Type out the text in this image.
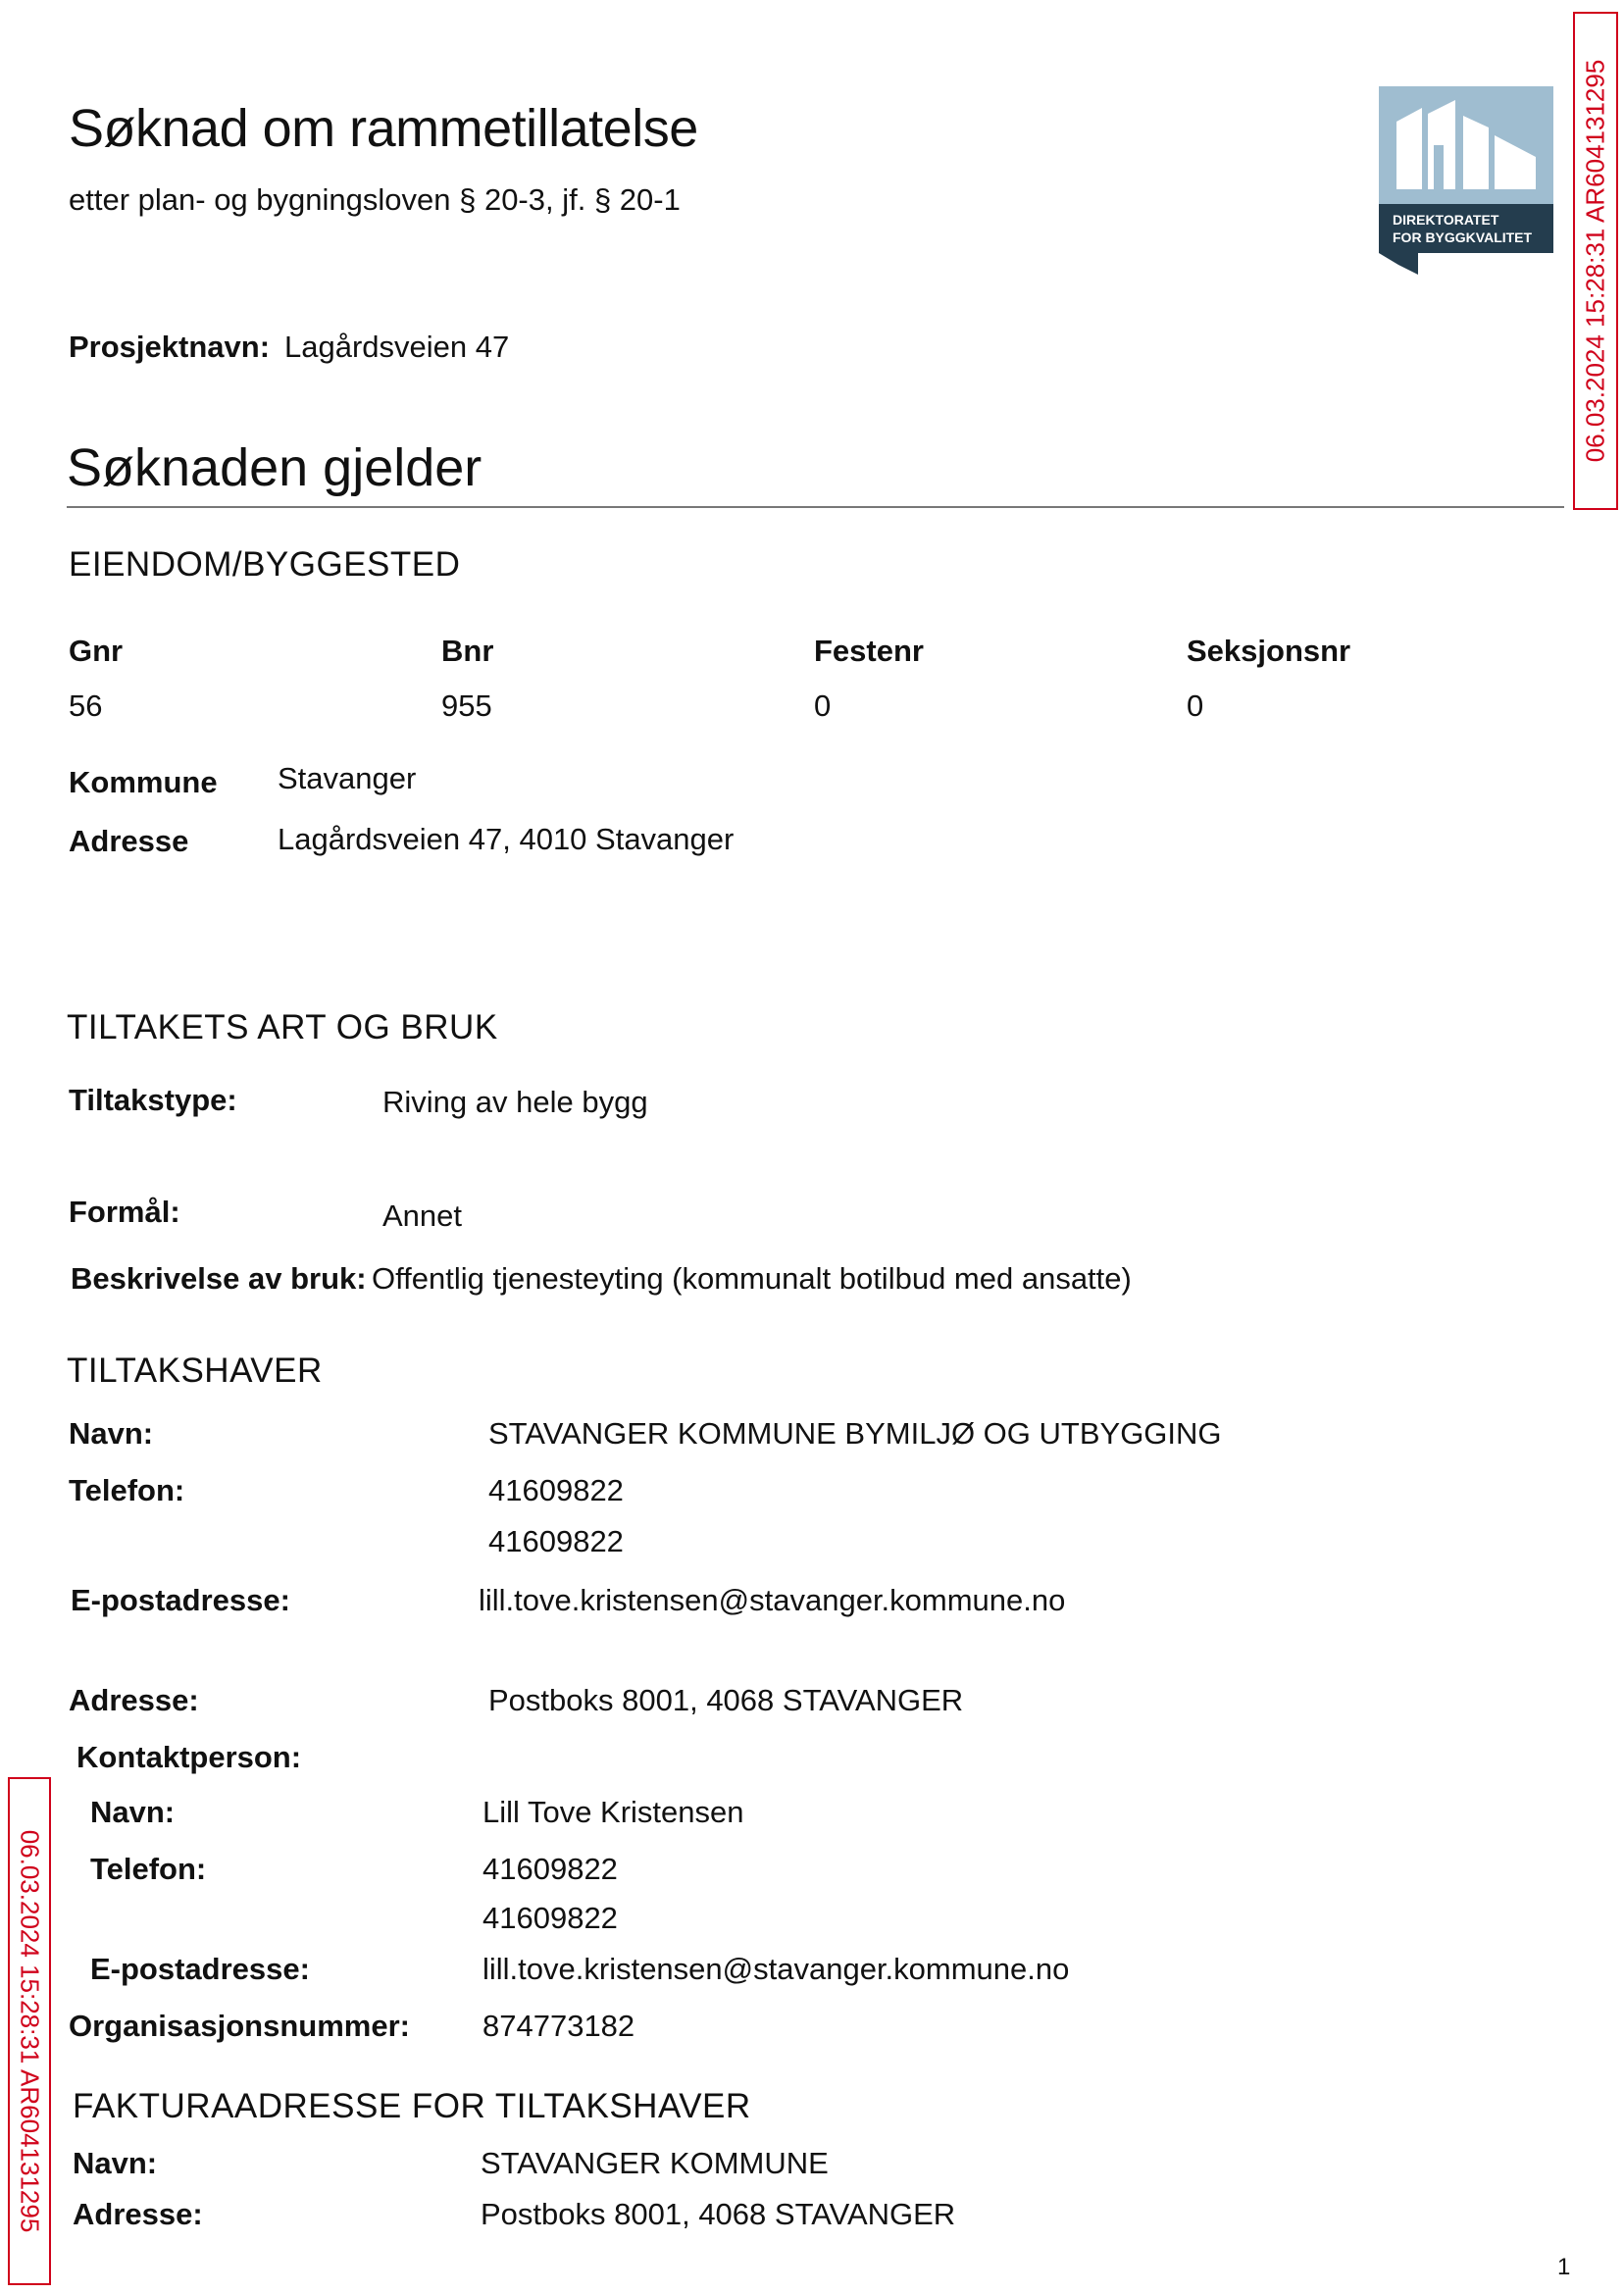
Søknad om rammetillatelse
etter plan- og bygningsloven § 20-3, jf. § 20-1
DIREKTORATET
FOR BYGGKVALITET 06.03.2024 15:28:31 AR604131295
06.03.2024 15:28:31 AR604131295
Prosjektnavn: Lagårdsveien 47
Søknaden gjelder
EIENDOM/BYGGESTED
Gnr	Bnr	Festenr	Seksjonsnr
56	955	0	0
Kommune Stavanger
Adresse	Lagårdsveien 47, 4010 Stavanger
TILTAKETS ART OG BRUK
Tiltakstype:	Riving av hele bygg
Formål:	Annet
Beskrivelse av bruk: Offentlig tjenesteyting (kommunalt botilbud med ansatte)
TILTAKSHAVER
Navn:	STAVANGER KOMMUNE BYMILJØ OG UTBYGGING
Telefon:	41609822
41609822
E-postadresse:	lill.tove.kristensen@stavanger.kommune.no
Adresse:	Postboks 8001, 4068 STAVANGER
Kontaktperson:
Navn:	Lill Tove Kristensen
Telefon:	41609822
41609822
E-postadresse:	lill.tove.kristensen@stavanger.kommune.no
Organisasjonsnummer: 874773182
FAKTURAADRESSE FOR TILTAKSHAVER
Navn:	STAVANGER KOMMUNE
Adresse:	Postboks 8001, 4068 STAVANGER
1
